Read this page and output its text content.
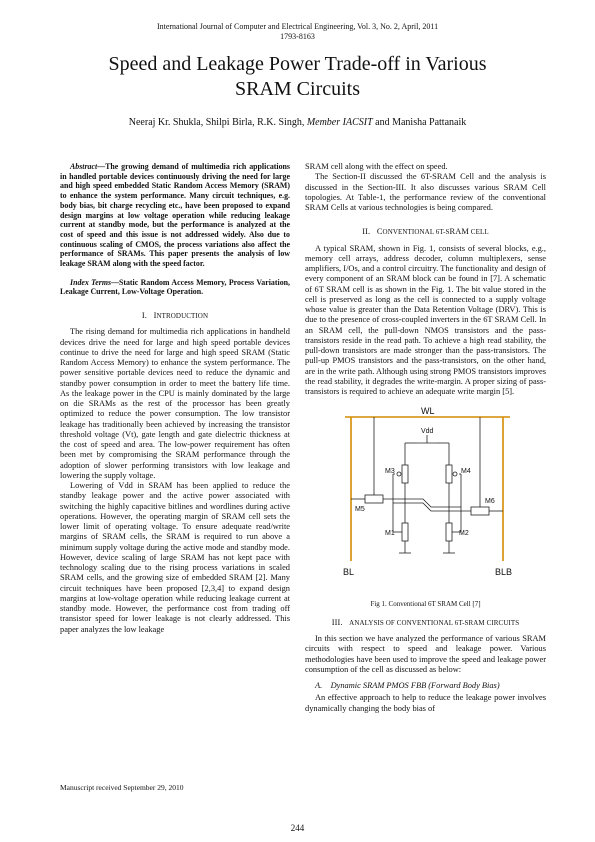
International Journal of Computer and Electrical Engineering, Vol. 3, No. 2, April, 2011
1793-8163
Speed and Leakage Power Trade-off in Various
SRAM Circuits
Neeraj Kr. Shukla, Shilpi Birla, R.K. Singh, Member IACSIT and Manisha Pattanaik

Abstract—The growing demand of multimedia rich applications in handled portable devices continuously driving the need for large and high speed embedded Static Random Access Memory (SRAM) to enhance the system performance. Many circuit techniques, e.g. body bias, bit charge recycling etc., have been proposed to expand design margins at low voltage operation while reducing leakage current at standby mode, but the performance is analyzed at the cost of speed and this issue is not addressed widely. Also due to continuous scaling of CMOS, the process variations also affect the performance of SRAMs. This paper presents the analysis of low leakage SRAM along with the speed factor.

Index Terms—Static Random Access Memory, Process Variation, Leakage Current, Low-Voltage Operation.

I. INTRODUCTION

The rising demand for multimedia rich applications in handheld devices drive the need for large and high speed portable devices continue to drive the need for large and high speed SRAM (Static Random Access Memory) to enhance the system performance. The power sensitive portable devices need to reduce the dynamic and standby power consumption in order to meet the battery life time. As the leakage power in the CPU is mainly dominated by the large on die SRAMs as the rest of the processor has been greatly optimized to reduce the power consumption. The low transistor leakage has traditionally been achieved by increasing the transistor threshold voltage (Vt), gate length and gate dielectric thickness at the cost of speed and area. The low-power requirement has often been met by compromising the SRAM performance through the adoption of slower performing transistors with low leakage and lowering the supply voltage.

Lowering of Vdd in SRAM has been applied to reduce the standby leakage power and the active power associated with switching the highly capacitive bitlines and wordlines during active operations. However, the operating margin of SRAM cell sets the lower limit of operating voltage. To ensure adequate read/write margins of SRAM cells, the SRAM is required to run above a minimum supply voltage during the active mode and standby mode. However, device scaling of large SRAM has not kept pace with technology scaling due to the rising process variations in scaled SRAM cells, and the growing size of embedded SRAM [2]. Many circuit techniques have been proposed [2,3,4] to expand design margins at low-voltage operation while reducing leakage current at standby mode. However, the performance cost from trading off transistor speed for lower leakage is not clearly addressed. This paper analyzes the low leakage

SRAM cell along with the effect on speed.

The Section-II discussed the 6T-SRAM Cell and the analysis is discussed in the Section-III. It also discusses various SRAM Cell topologies. At Table-1, the performance review of the conventional SRAM Cells at various technologies is being compared.

II. CONVENTIONAL 6T-SRAM CELL

A typical SRAM, shown in Fig. 1, consists of several blocks, e.g., memory cell arrays, address decoder, column multiplexers, sense amplifiers, I/Os, and a control circuitry. The functionality and design of every component of an SRAM block can be found in [7]. A schematic of 6T SRAM cell is as shown in the Fig. 1. The bit value stored in the cell is preserved as long as the cell is connected to a supply voltage whose value is greater than the Data Retention Voltage (DRV). This is due to the presence of cross-coupled inverters in the 6T SRAM Cell. In an SRAM cell, the pull-down NMOS transistors and the pass-transistors reside in the read path. To achieve a high read stability, the pull-down transistors are made stronger than the pass-transistors. The pull-up PMOS transistors and the pass-transistors, on the other hand, are in the write path. Although using strong PMOS transistors improves the read stability, it degrades the write-margin. A proper sizing of pass-transistors is required to achieve an adequate write margin [5].

WL
BL	BLB
Vdd
M3
M1
M4
M2
M5
M6
Fig 1. Conventional 6T SRAM Cell [7]
III. ANALYSIS OF CONVENTIONAL 6T-SRAM CIRCUITS

In this section we have analyzed the performance of various SRAM circuits with respect to speed and leakage power. Various methodologies have been used to improve the speed and leakage power consumption of the cell as discussed as below:

A. Dynamic SRAM PMOS FBB (Forward Body Bias)

An effective approach to help to reduce the leakage power involves dynamically changing the body bias of

Manuscript received September 29, 2010
244
